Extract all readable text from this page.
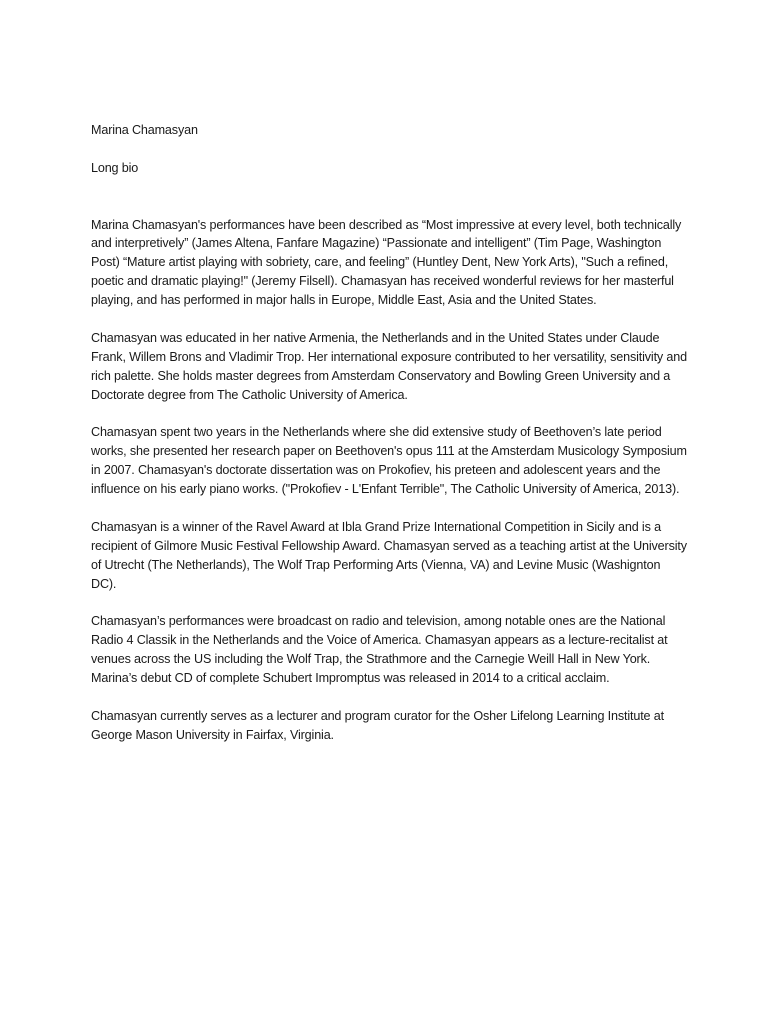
Marina Chamasyan

Long bio

Marina Chamasyan's performances have been described as “Most impressive at every level, both technically and interpretively” (James Altena, Fanfare Magazine) “Passionate and intelligent” (Tim Page, Washington Post) “Mature artist playing with sobriety, care, and feeling” (Huntley Dent, New York Arts), "Such a refined, poetic and dramatic playing!" (Jeremy Filsell). Chamasyan has received wonderful reviews for her masterful playing, and has performed in major halls in Europe, Middle East, Asia and the United States.

Chamasyan was educated in her native Armenia, the Netherlands and in the United States under Claude Frank, Willem Brons and Vladimir Trop. Her international exposure contributed to her versatility, sensitivity and rich palette. She holds master degrees from Amsterdam Conservatory and Bowling Green University and a Doctorate degree from The Catholic University of America.

Chamasyan spent two years in the Netherlands where she did extensive study of Beethoven’s late period works, she presented her research paper on Beethoven's opus 111 at the Amsterdam Musicology Symposium in 2007. Chamasyan's doctorate dissertation was on Prokofiev, his preteen and adolescent years and the influence on his early piano works. ("Prokofiev - L'Enfant Terrible", The Catholic University of America, 2013).

Chamasyan is a winner of the Ravel Award at Ibla Grand Prize International Competition in Sicily and is a recipient of Gilmore Music Festival Fellowship Award. Chamasyan served as a teaching artist at the University of Utrecht (The Netherlands), The Wolf Trap Performing Arts (Vienna, VA) and Levine Music (Washignton DC).

Chamasyan’s performances were broadcast on radio and television, among notable ones are the National Radio 4 Classik in the Netherlands and the Voice of America. Chamasyan appears as a lecture-recitalist at venues across the US including the Wolf Trap, the Strathmore and the Carnegie Weill Hall in New York. Marina’s debut CD of complete Schubert Impromptus was released in 2014 to a critical acclaim.

Chamasyan currently serves as a lecturer and program curator for the Osher Lifelong Learning Institute at George Mason University in Fairfax, Virginia.
